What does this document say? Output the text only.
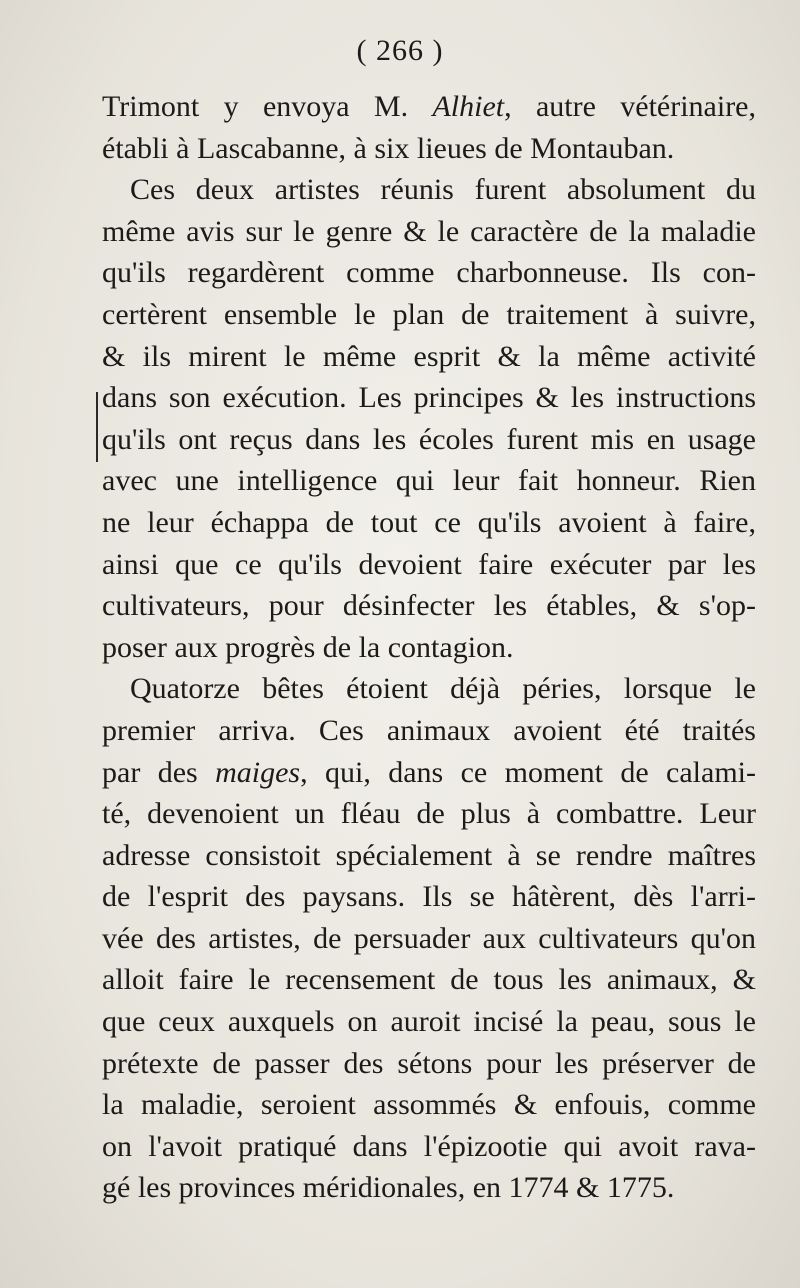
( 266 )
Trimont y envoya M. Alhiet, autre vétérinaire,
établi à Lascabanne, à six lieues de Montauban.
Ces deux artistes réunis furent absolument du
même avis sur le genre & le caractère de la maladie
qu'ils regardèrent comme charbonneuse. Ils con-
certèrent ensemble le plan de traitement à suivre,
& ils mirent le même esprit & la même activité
dans son exécution. Les principes & les instructions
qu'ils ont reçus dans les écoles furent mis en usage
avec une intelligence qui leur fait honneur. Rien
ne leur échappa de tout ce qu'ils avoient à faire,
ainsi que ce qu'ils devoient faire exécuter par les
cultivateurs, pour désinfecter les étables, & s'op-
poser aux progrès de la contagion.
Quatorze bêtes étoient déjà péries, lorsque le
premier arriva. Ces animaux avoient été traités
par des maiges, qui, dans ce moment de calami-
té, devenoient un fléau de plus à combattre. Leur
adresse consistoit spécialement à se rendre maîtres
de l'esprit des paysans. Ils se hâtèrent, dès l'arri-
vée des artistes, de persuader aux cultivateurs qu'on
alloit faire le recensement de tous les animaux, &
que ceux auxquels on auroit incisé la peau, sous le
prétexte de passer des sétons pour les préserver de
la maladie, seroient assommés & enfouis, comme
on l'avoit pratiqué dans l'épizootie qui avoit rava-
gé les provinces méridionales, en 1774 & 1775.
